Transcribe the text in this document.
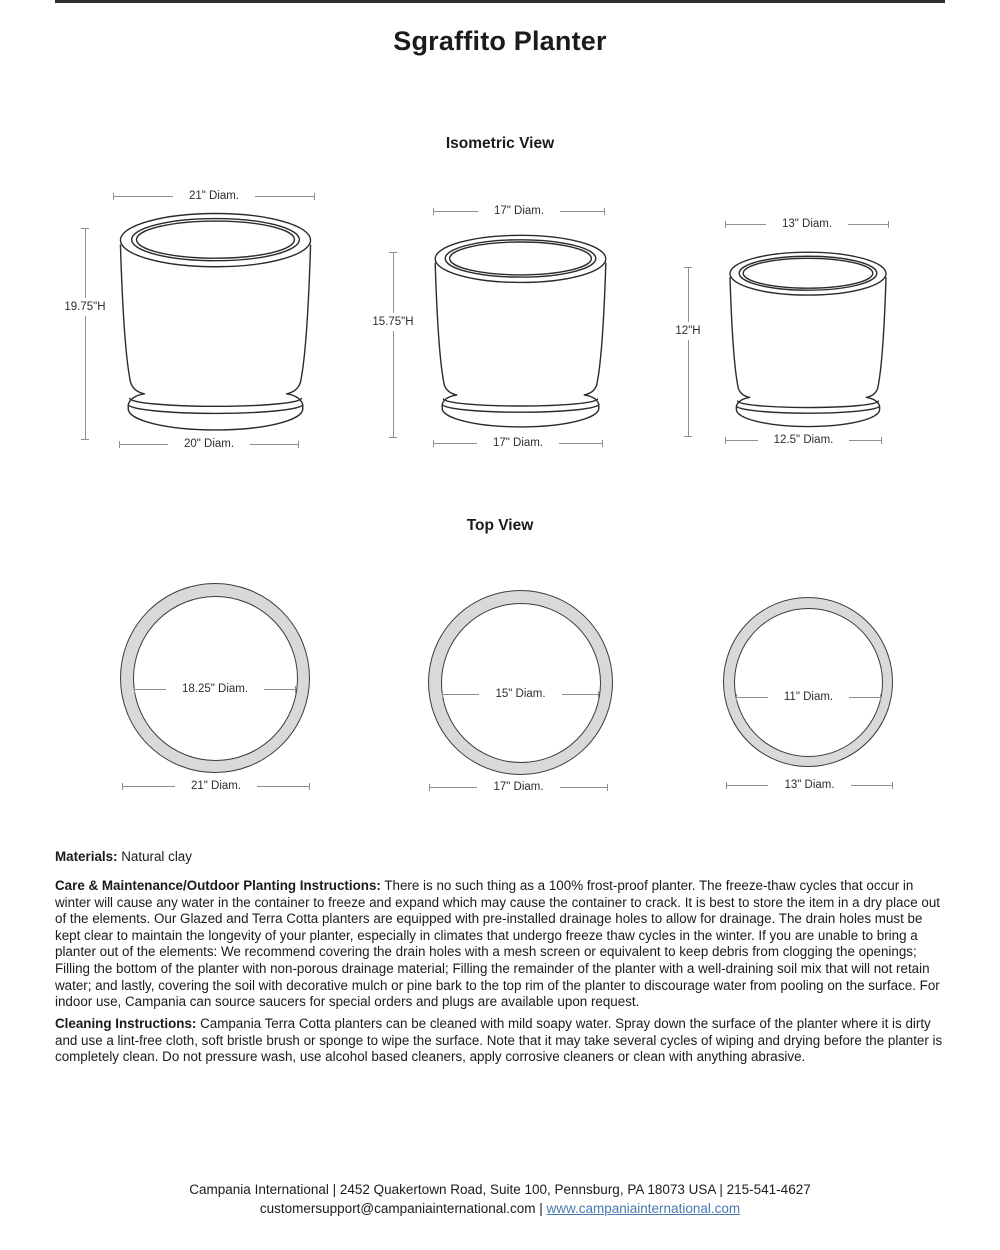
Sgraffito Planter
Isometric View
Top View
21" Diam.
19.75"H
20" Diam.
17" Diam.
15.75"H
17" Diam.
13" Diam.
12"H
12.5" Diam.
18.25" Diam.
21" Diam.
15" Diam.
17" Diam.
11" Diam.
13" Diam.
Materials: Natural clay
Care & Maintenance/Outdoor Planting Instructions: There is no such thing as a 100% frost-proof planter. The freeze-thaw cycles that occur in winter will cause any water in the container to freeze and expand which may cause the container to crack. It is best to store the item in a dry place out of the elements. Our Glazed and Terra Cotta planters are equipped with pre-installed drainage holes to allow for drainage. The drain holes must be kept clear to maintain the longevity of your planter, especially in climates that undergo freeze thaw cycles in the winter. If you are unable to bring a planter out of the elements: We recommend covering the drain holes with a mesh screen or equivalent to keep debris from clogging the openings; Filling the bottom of the planter with non-porous drainage material; Filling the remainder of the planter with a well-draining soil mix that will not retain water; and lastly, covering the soil with decorative mulch or pine bark to the top rim of the planter to discourage water from pooling on the surface. For indoor use, Campania can source saucers for special orders and plugs are available upon request.
Cleaning Instructions: Campania Terra Cotta planters can be cleaned with mild soapy water. Spray down the surface of the planter where it is dirty and use a lint-free cloth, soft bristle brush or sponge to wipe the surface. Note that it may take several cycles of wiping and drying before the planter is completely clean. Do not pressure wash, use alcohol based cleaners, apply corrosive cleaners or clean with anything abrasive.
Campania International | 2452 Quakertown Road, Suite 100, Pennsburg, PA 18073 USA | 215-541-4627
customersupport@campaniainternational.com | www.campaniainternational.com
